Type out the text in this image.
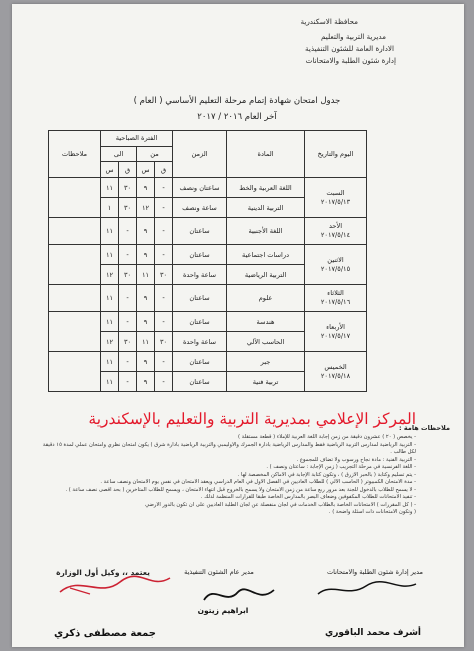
محافظة الاسكندرية
مديرية التربية والتعليم
الادارة العامة للشئون التنفيذية
إدارة شئون الطلبة والامتحانات
جدول امتحان شهادة إتمام مرحلة التعليم الأساسي ( العام )
آخر العام ٢٠١٦ / ٢٠١٧
اليوم والتاريخ	المادة	الزمن	الفترة الصباحية				ملاحظات
			من		الى		
			ق	س	ق	س	

السبت
٢٠١٧/٥/١٣	اللغة العربية والخط	ساعتان ونصف	-	٩	٣٠	١١	
	التربية الدينية	ساعة ونصف	-	١٢	٣٠	١	

الأحد
٢٠١٧/٥/١٤	اللغة الأجنبية	ساعتان	-	٩	-	١١	

الاثنين
٢٠١٧/٥/١٥	دراسات اجتماعية	ساعتان	-	٩	-	١١	
	التربية الرياضية	ساعة واحدة	٣٠	١١	٣٠	١٢	

الثلاثاء
٢٠١٧/٥/١٦	علوم	ساعتان	-	٩	-	١١	

الأربعاء
٢٠١٧/٥/١٧	هندسة	ساعتان	-	٩	-	١١	
	الحاسب الآلي	ساعة واحدة	٣٠	١١	٣٠	١٢	

الخميس
٢٠١٧/٥/١٨	جبر	ساعتان	-	٩	-	١١	
	تربية فنية	ساعتان	-	٩	-	١١	
المركز الإعلامي بمديرية التربية والتعليم بالإسكندرية
ملاحظات هامة :
- يخصص ( ٢٠ ) عشرون دقيقة من زمن إجابة اللغة العربية للإملاء ( قطعة مستقلة )
- التربية الرياضية لمدارس التربية الرياضية فقط والمدارس الرياضية بادارة الجمرك والأوليمبي والتربية الرياضية بادارة شرق ) يكون امتحان نظري وامتحان عملي لمدة ١٥ دقيقة
لكل طالب .
- التربية الفنية : مادة نجاح ورسوب ولا تضاف للمجموع .
- اللغة الفرنسية في مرحلة التجريب ( زمن الإجابة : ساعتان ونصف ) .
- يتم تسليم وكتابة ( بالحبر الأزرق ) ، وتكون كتابة الإجابة في الأماكن المخصصة لها .
- مدة الامتحان الكمبيوتر ( الحاسب الآلي ) للطلاب العاديين في الفصل الأول في العام الدراسي ويعقد الامتحان في نفس يوم الامتحان ونصف ساعة .
- لا يسمح للطلاب بالدخول للجنة بعد مرور ربع ساعة من زمن الامتحان ولا يسمح بالخروج قبل انتهاء الامتحان ، ويسمح للطلاب المتأخرين ( بحد أقصى نصف ساعة ) .
- تنفيذ الامتحانات للطلاب المكفوفين وضعاف البصر بالمدارس الخاصة طبقاً للقرارات المنظمة لذلك .
- ( كل المقررات ) الامتحانات الخاصة بالطلاب الخدمات في لجان منفصلة عن لجان الطلبة العاديين على أن تكون بالدور الأرضي
( وتكون الامتحانات ذات أسئلة واضحة ) .
مدير إدارة شئون الطلبة والامتحانات
مدير عام الشئون التنفيذية
يعتمد ،، وكيل أول الوزارة
أشرف محمد الباقوري
ابراهيم زيتون
جمعة مصطفى ذكري
